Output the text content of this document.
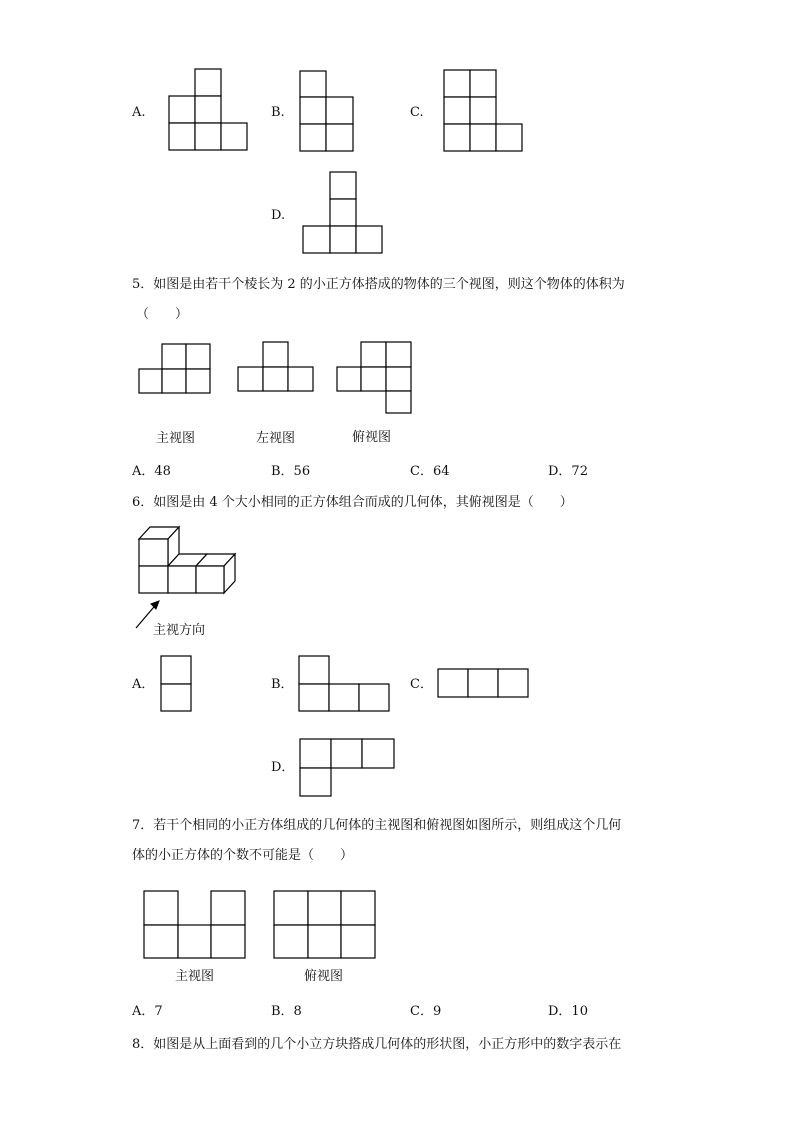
A.	B.	C.
D.
5．如图是由若干个棱长为 2 的小正方体搭成的物体的三个视图，则这个物体的体积为
（　　）
主视图	左视图	俯视图
A．48	B．56	C．64	D．72
6．如图是由 4 个大小相同的正方体组合而成的几何体，其俯视图是（　　）
主视方向
A．	B．	C．
D．
7．若干个相同的小正方体组成的几何体的主视图和俯视图如图所示，则组成这个几何
体的小正方体的个数不可能是（　　）
主视图	俯视图
A．7	B．8	C．9	D．10
8．如图是从上面看到的几个小立方块搭成几何体的形状图，小正方形中的数字表示在
